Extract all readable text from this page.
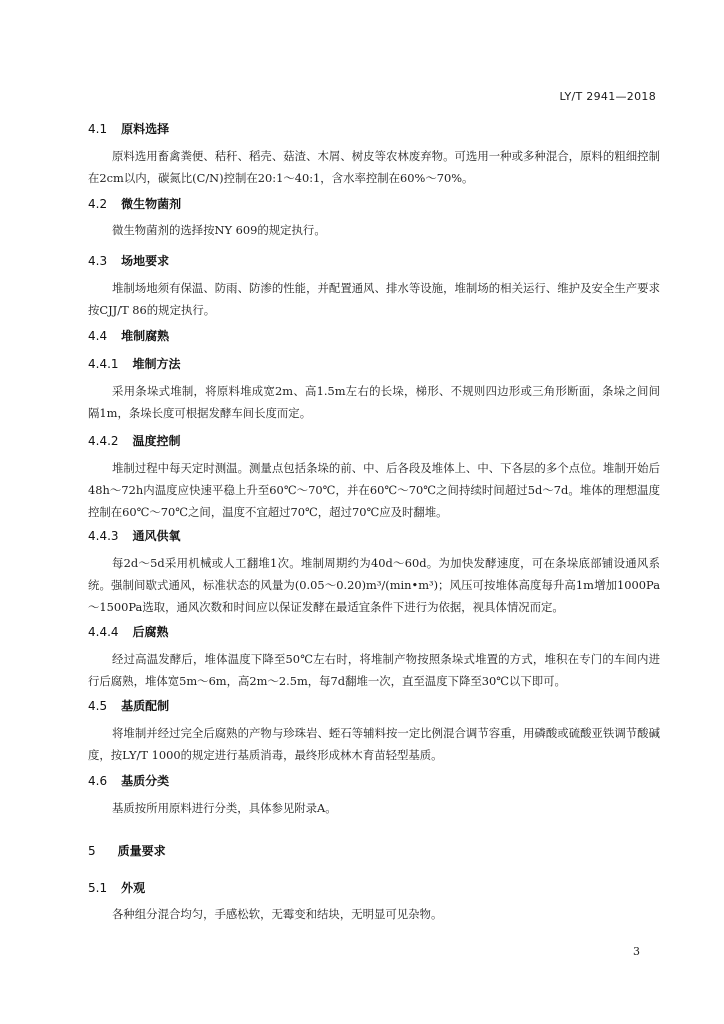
LY/T 2941—2018
4.1 原料选择
原料选用畜禽粪便、秸秆、稻壳、菇渣、木屑、树皮等农林废弃物。可选用一种或多种混合，原料的粗细控制在2cm以内，碳氮比(C/N)控制在20:1～40:1，含水率控制在60%～70%。
4.2 微生物菌剂
微生物菌剂的选择按NY 609的规定执行。
4.3 场地要求
堆制场地须有保温、防雨、防渗的性能，并配置通风、排水等设施，堆制场的相关运行、维护及安全生产要求按CJJ/T 86的规定执行。
4.4 堆制腐熟
4.4.1 堆制方法
采用条垛式堆制，将原料堆成宽2m、高1.5m左右的长垛，梯形、不规则四边形或三角形断面，条垛之间间隔1m，条垛长度可根据发酵车间长度而定。
4.4.2 温度控制
堆制过程中每天定时测温。测量点包括条垛的前、中、后各段及堆体上、中、下各层的多个点位。堆制开始后48h～72h内温度应快速平稳上升至60℃～70℃，并在60℃～70℃之间持续时间超过5d～7d。堆体的理想温度控制在60℃～70℃之间，温度不宜超过70℃，超过70℃应及时翻堆。
4.4.3 通风供氧
每2d～5d采用机械或人工翻堆1次。堆制周期约为40d～60d。为加快发酵速度，可在条垛底部铺设通风系统。强制间歇式通风，标准状态的风量为(0.05～0.20)m³/(min•m³)；风压可按堆体高度每升高1m增加1000Pa～1500Pa选取，通风次数和时间应以保证发酵在最适宜条件下进行为依据，视具体情况而定。
4.4.4 后腐熟
经过高温发酵后，堆体温度下降至50℃左右时，将堆制产物按照条垛式堆置的方式，堆积在专门的车间内进行后腐熟，堆体宽5m～6m，高2m～2.5m，每7d翻堆一次，直至温度下降至30℃以下即可。
4.5 基质配制
将堆制并经过完全后腐熟的产物与珍珠岩、蛭石等辅料按一定比例混合调节容重，用磷酸或硫酸亚铁调节酸碱度，按LY/T 1000的规定进行基质消毒，最终形成林木育苗轻型基质。
4.6 基质分类
基质按所用原料进行分类，具体参见附录A。
5 质量要求
5.1 外观
各种组分混合均匀，手感松软，无霉变和结块，无明显可见杂物。
3
